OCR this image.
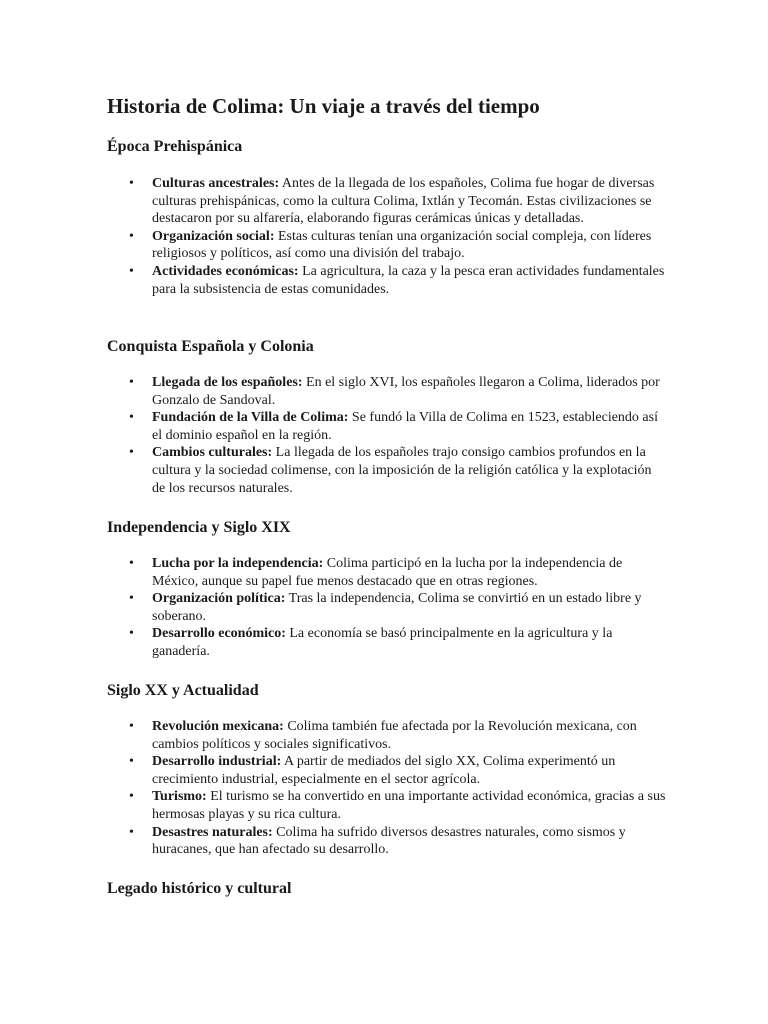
Historia de Colima: Un viaje a través del tiempo
Época Prehispánica
• Culturas ancestrales: Antes de la llegada de los españoles, Colima fue hogar de diversas culturas prehispánicas, como la cultura Colima, Ixtlán y Tecomán. Estas civilizaciones se destacaron por su alfarería, elaborando figuras cerámicas únicas y detalladas.
• Organización social: Estas culturas tenían una organización social compleja, con líderes religiosos y políticos, así como una división del trabajo.
• Actividades económicas: La agricultura, la caza y la pesca eran actividades fundamentales para la subsistencia de estas comunidades.
Conquista Española y Colonia
• Llegada de los españoles: En el siglo XVI, los españoles llegaron a Colima, liderados por Gonzalo de Sandoval.
• Fundación de la Villa de Colima: Se fundó la Villa de Colima en 1523, estableciendo así el dominio español en la región.
• Cambios culturales: La llegada de los españoles trajo consigo cambios profundos en la cultura y la sociedad colimense, con la imposición de la religión católica y la explotación de los recursos naturales.
Independencia y Siglo XIX
• Lucha por la independencia: Colima participó en la lucha por la independencia de México, aunque su papel fue menos destacado que en otras regiones.
• Organización política: Tras la independencia, Colima se convirtió en un estado libre y soberano.
• Desarrollo económico: La economía se basó principalmente en la agricultura y la ganadería.
Siglo XX y Actualidad
• Revolución mexicana: Colima también fue afectada por la Revolución mexicana, con cambios políticos y sociales significativos.
• Desarrollo industrial: A partir de mediados del siglo XX, Colima experimentó un crecimiento industrial, especialmente en el sector agrícola.
• Turismo: El turismo se ha convertido en una importante actividad económica, gracias a sus hermosas playas y su rica cultura.
• Desastres naturales: Colima ha sufrido diversos desastres naturales, como sismos y huracanes, que han afectado su desarrollo.
Legado histórico y cultural
